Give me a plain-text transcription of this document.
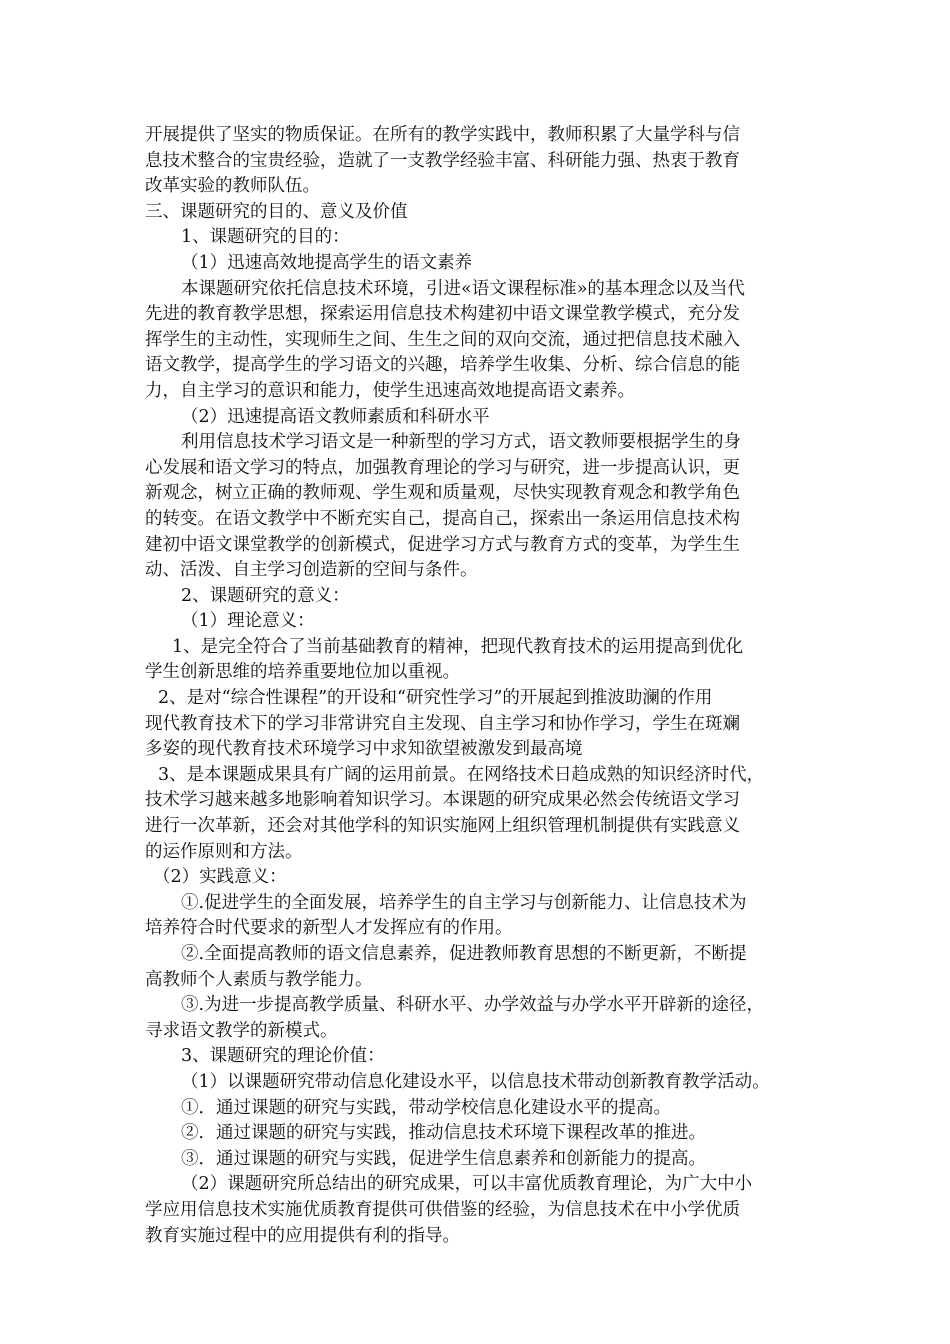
开展提供了坚实的物质保证。在所有的教学实践中，教师积累了大量学科与信
息技术整合的宝贵经验，造就了一支教学经验丰富、科研能力强、热衷于教育
改革实验的教师队伍。
三、课题研究的目的、意义及价值
1、课题研究的目的：
（1）迅速高效地提高学生的语文素养
本课题研究依托信息技术环境，引进«语文课程标准»的基本理念以及当代
先进的教育教学思想，探索运用信息技术构建初中语文课堂教学模式，充分发
挥学生的主动性，实现师生之间、生生之间的双向交流，通过把信息技术融入
语文教学，提高学生的学习语文的兴趣，培养学生收集、分析、综合信息的能
力，自主学习的意识和能力，使学生迅速高效地提高语文素养。
（2）迅速提高语文教师素质和科研水平
利用信息技术学习语文是一种新型的学习方式，语文教师要根据学生的身
心发展和语文学习的特点，加强教育理论的学习与研究，进一步提高认识，更
新观念，树立正确的教师观、学生观和质量观，尽快实现教育观念和教学角色
的转变。在语文教学中不断充实自己，提高自己，探索出一条运用信息技术构
建初中语文课堂教学的创新模式，促进学习方式与教育方式的变革，为学生生
动、活泼、自主学习创造新的空间与条件。
2、课题研究的意义：
（1）理论意义：
1、是完全符合了当前基础教育的精神，把现代教育技术的运用提高到优化
学生创新思维的培养重要地位加以重视。
2、是对“综合性课程”的开设和“研究性学习”的开展起到推波助澜的作用
现代教育技术下的学习非常讲究自主发现、自主学习和协作学习，学生在斑斓
多姿的现代教育技术环境学习中求知欲望被激发到最高境
3、是本课题成果具有广阔的运用前景。在网络技术日趋成熟的知识经济时代，
技术学习越来越多地影响着知识学习。本课题的研究成果必然会传统语文学习
进行一次革新，还会对其他学科的知识实施网上组织管理机制提供有实践意义
的运作原则和方法。
（2）实践意义：
①.促进学生的全面发展，培养学生的自主学习与创新能力、让信息技术为
培养符合时代要求的新型人才发挥应有的作用。
②.全面提高教师的语文信息素养，促进教师教育思想的不断更新，不断提
高教师个人素质与教学能力。
③.为进一步提高教学质量、科研水平、办学效益与办学水平开辟新的途径，
寻求语文教学的新模式。
3、课题研究的理论价值：
（1）以课题研究带动信息化建设水平，以信息技术带动创新教育教学活动。
①．通过课题的研究与实践，带动学校信息化建设水平的提高。
②．通过课题的研究与实践，推动信息技术环境下课程改革的推进。
③．通过课题的研究与实践，促进学生信息素养和创新能力的提高。
（2）课题研究所总结出的研究成果，可以丰富优质教育理论，为广大中小
学应用信息技术实施优质教育提供可供借鉴的经验，为信息技术在中小学优质
教育实施过程中的应用提供有利的指导。
